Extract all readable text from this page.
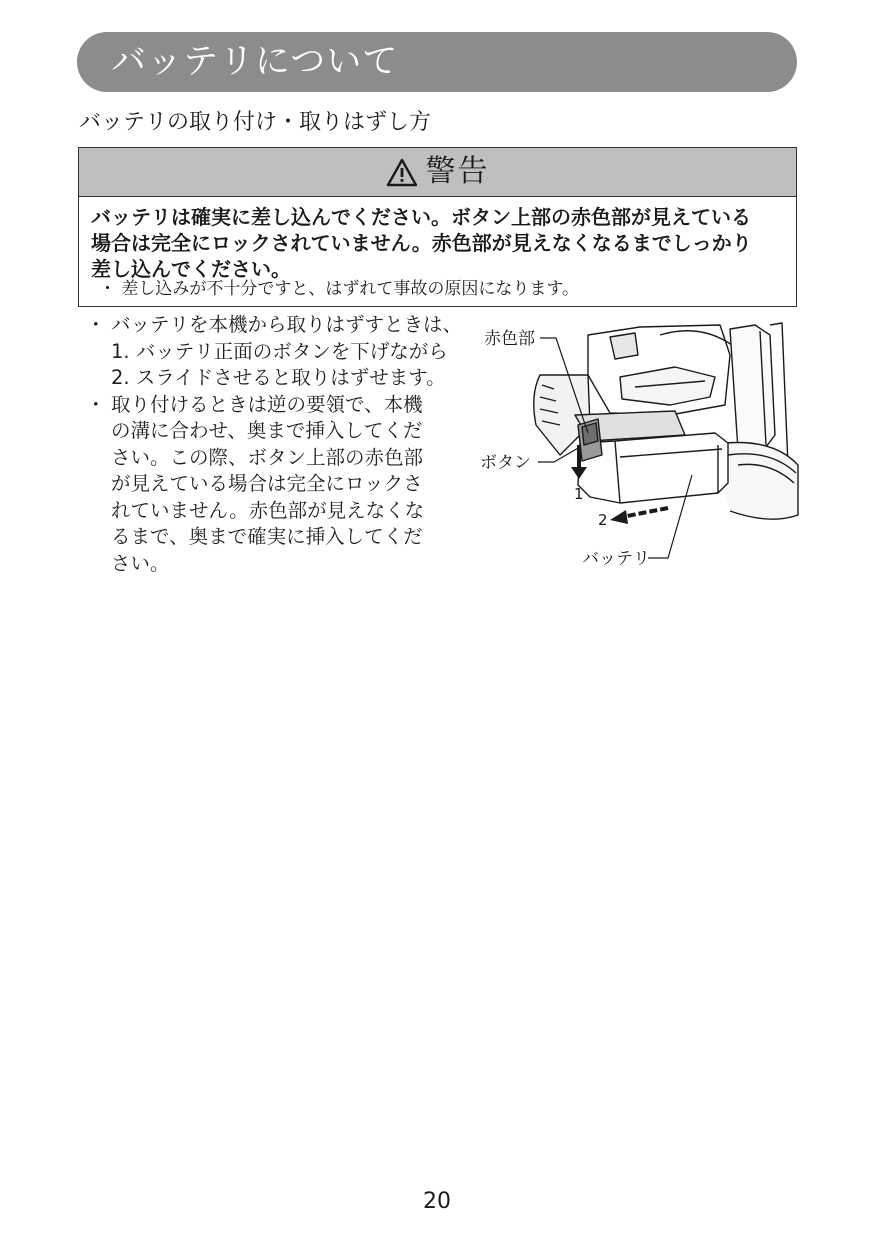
バッテリについて
バッテリの取り付け・取りはずし方
警告
バッテリは確実に差し込んでください。ボタン上部の赤色部が見えている
場合は完全にロックされていません。赤色部が見えなくなるまでしっかり
差し込んでください。
・ 差し込みが不十分ですと、はずれて事故の原因になります。
・ バッテリを本機から取りはずすときは、
1. バッテリ正面のボタンを下げながら
2. スライドさせると取りはずせます。
・ 取り付けるときは逆の要領で、本機
の溝に合わせ、奥まで挿入してくだ
さい。この際、ボタン上部の赤色部
が見えている場合は完全にロックさ
れていません。赤色部が見えなくな
るまで、奥まで確実に挿入してくだ
さい。
赤色部
ボタン
1
2
バッテリ
20
